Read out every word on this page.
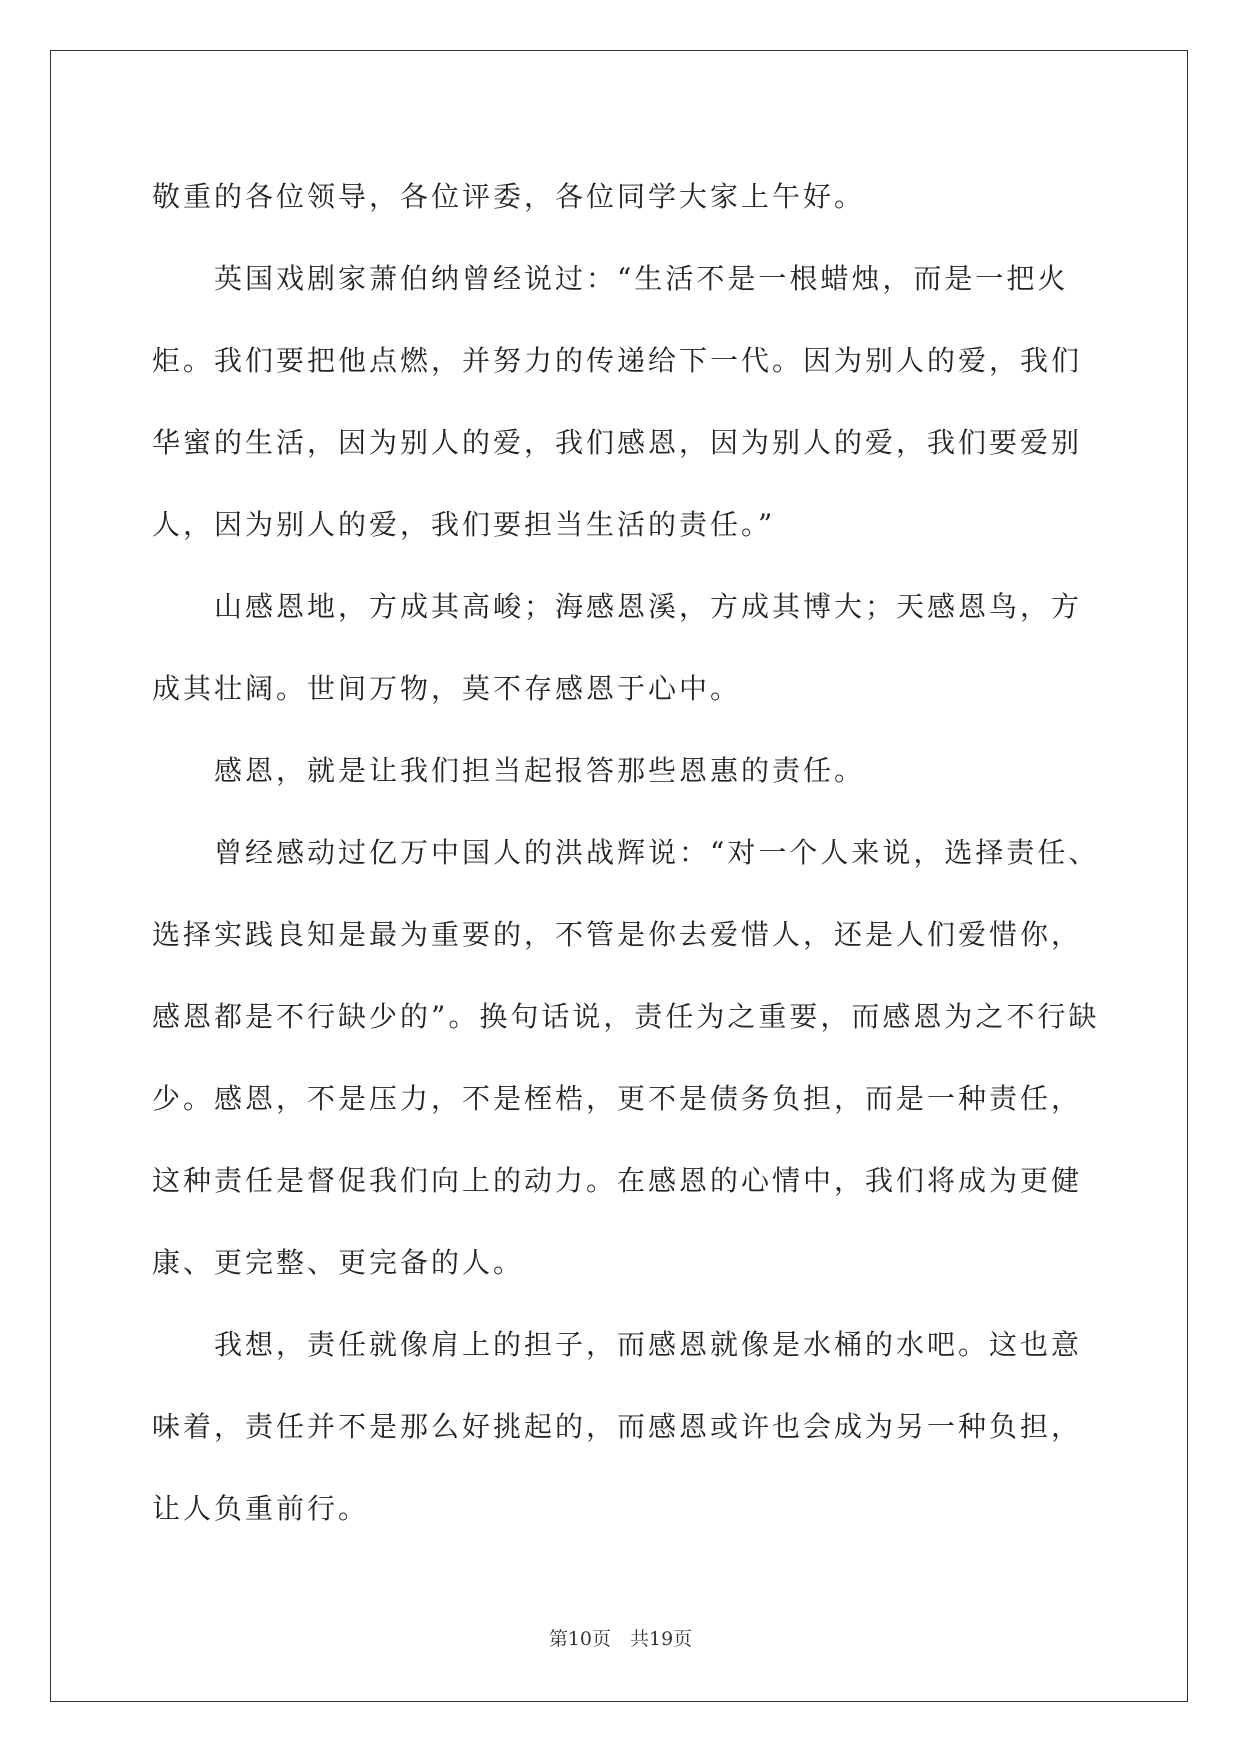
敬重的各位领导，各位评委，各位同学大家上午好。
　　英国戏剧家萧伯纳曾经说过：“生活不是一根蜡烛，而是一把火
炬。我们要把他点燃，并努力的传递给下一代。因为别人的爱，我们
华蜜的生活，因为别人的爱，我们感恩，因为别人的爱，我们要爱别
人，因为别人的爱，我们要担当生活的责任。”
　　山感恩地，方成其高峻；海感恩溪，方成其博大；天感恩鸟，方
成其壮阔。世间万物，莫不存感恩于心中。
　　感恩，就是让我们担当起报答那些恩惠的责任。
　　曾经感动过亿万中国人的洪战辉说：“对一个人来说，选择责任、
选择实践良知是最为重要的，不管是你去爱惜人，还是人们爱惜你，
感恩都是不行缺少的”。换句话说，责任为之重要，而感恩为之不行缺
少。感恩，不是压力，不是桎梏，更不是债务负担，而是一种责任，
这种责任是督促我们向上的动力。在感恩的心情中，我们将成为更健
康、更完整、更完备的人。
　　我想，责任就像肩上的担子，而感恩就像是水桶的水吧。这也意
味着，责任并不是那么好挑起的，而感恩或许也会成为另一种负担，
让人负重前行。
第10页　共19页
